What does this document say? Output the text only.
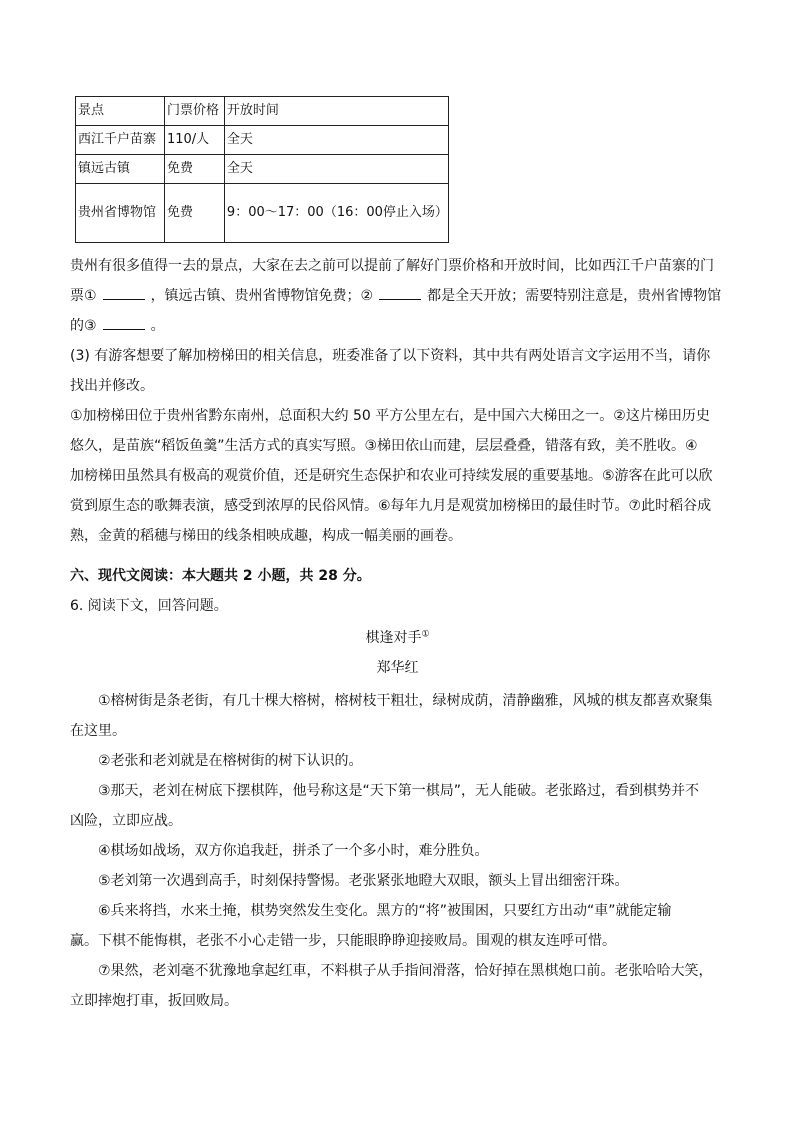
景点	门票价格	开放时间
西江千户苗寨	110/人	全天
镇远古镇	免费	全天
贵州省博物馆	免费	9：00～17：00（16：00停止入场）
贵州有很多值得一去的景点，大家在去之前可以提前了解好门票价格和开放时间，比如西江千户苗寨的门
票①	，镇远古镇、贵州省博物馆免费；②	都是全天开放；需要特别注意是，贵州省博物馆
的③	。
(3) 有游客想要了解加榜梯田的相关信息，班委准备了以下资料，其中共有两处语言文字运用不当，请你
找出并修改。
①加榜梯田位于贵州省黔东南州，总面积大约 50 平方公里左右，是中国六大梯田之一。②这片梯田历史
悠久，是苗族“稻饭鱼羹”生活方式的真实写照。③梯田依山而建，层层叠叠，错落有致，美不胜收。④
加榜梯田虽然具有极高的观赏价值，还是研究生态保护和农业可持续发展的重要基地。⑤游客在此可以欣
赏到原生态的歌舞表演，感受到浓厚的民俗风情。⑥每年九月是观赏加榜梯田的最佳时节。⑦此时稻谷成
熟，金黄的稻穗与梯田的线条相映成趣，构成一幅美丽的画卷。
六、现代文阅读：本大题共 2 小题，共 28 分。
6. 阅读下文，回答问题。
棋逢对手①
郑华红
①榕树街是条老街，有几十棵大榕树，榕树枝干粗壮，绿树成荫，清静幽雅，风城的棋友都喜欢聚集
在这里。
②老张和老刘就是在榕树街的树下认识的。
③那天，老刘在树底下摆棋阵，他号称这是“天下第一棋局”，无人能破。老张路过，看到棋势并不
凶险，立即应战。
④棋场如战场，双方你追我赶，拼杀了一个多小时，难分胜负。
⑤老刘第一次遇到高手，时刻保持警惕。老张紧张地瞪大双眼，额头上冒出细密汗珠。
⑥兵来将挡，水来土掩，棋势突然发生变化。黑方的“将”被围困，只要红方出动“車”就能定输
赢。下棋不能悔棋，老张不小心走错一步，只能眼睁睁迎接败局。围观的棋友连呼可惜。
⑦果然，老刘毫不犹豫地拿起红車，不料棋子从手指间滑落，恰好掉在黑棋炮口前。老张哈哈大笑，
立即摔炮打車，扳回败局。
